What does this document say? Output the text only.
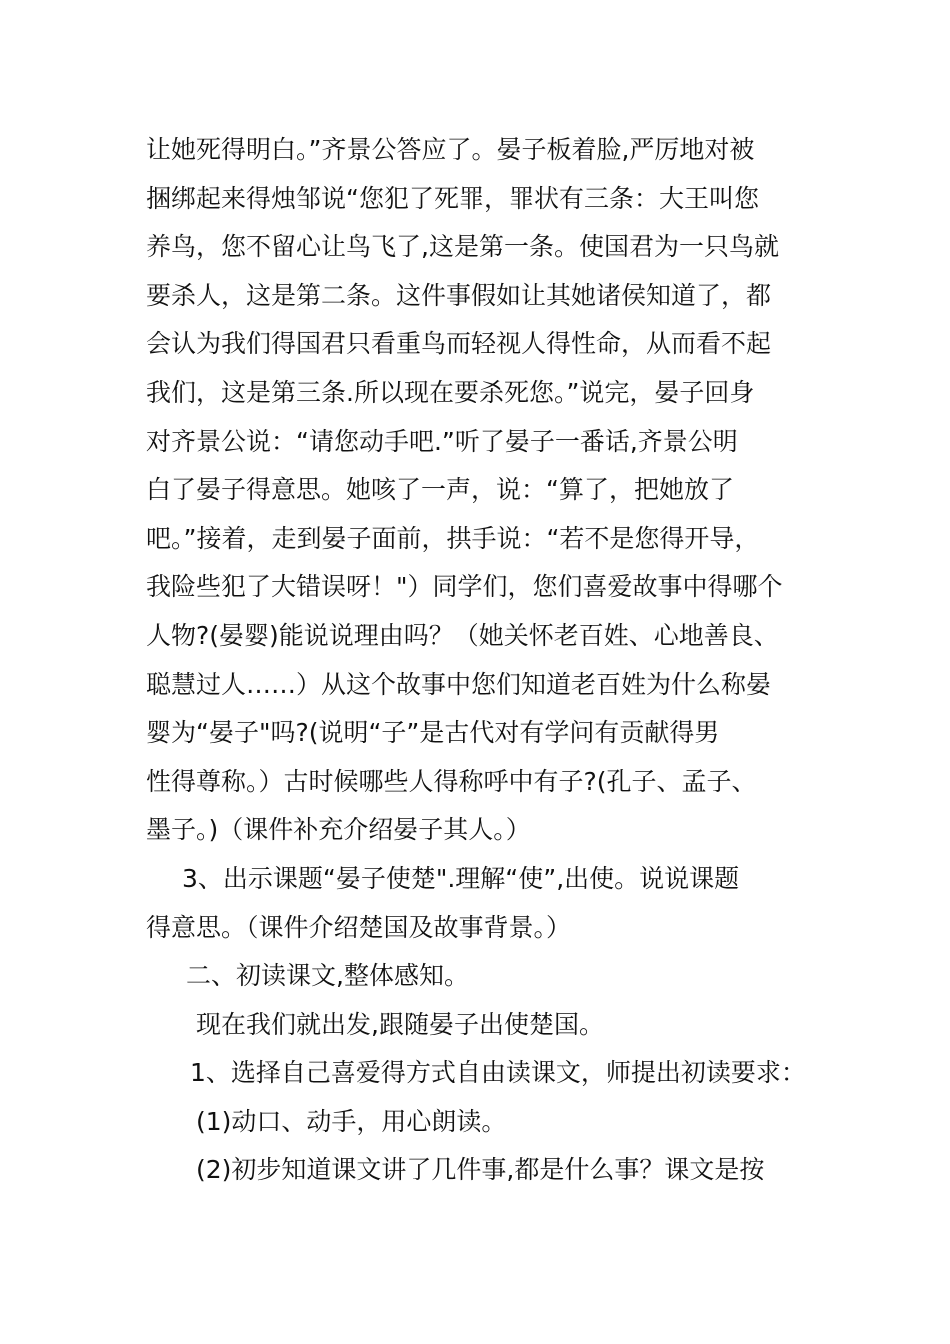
让她死得明白。”齐景公答应了。晏子板着脸,严厉地对被
捆绑起来得烛邹说“您犯了死罪，罪状有三条：大王叫您
养鸟，您不留心让鸟飞了,这是第一条。使国君为一只鸟就
要杀人，这是第二条。这件事假如让其她诸侯知道了，都
会认为我们得国君只看重鸟而轻视人得性命，从而看不起
我们，这是第三条.所以现在要杀死您。”说完，晏子回身
对齐景公说：“请您动手吧.”听了晏子一番话,齐景公明
白了晏子得意思。她咳了一声，说：“算了，把她放了
吧。”接着，走到晏子面前，拱手说：“若不是您得开导，
我险些犯了大错误呀！"）同学们，您们喜爱故事中得哪个
人物?(晏婴)能说说理由吗？（她关怀老百姓、心地善良、
聪慧过人……）从这个故事中您们知道老百姓为什么称晏
婴为“晏子"吗?(说明“子”是古代对有学问有贡献得男
性得尊称。）古时候哪些人得称呼中有子?(孔子、孟子、
墨子。)（课件补充介绍晏子其人。）
3、出示课题“晏子使楚".理解“使”,出使。说说课题
得意思。（课件介绍楚国及故事背景。）
二、初读课文,整体感知。
现在我们就出发,跟随晏子出使楚国。
1、选择自己喜爱得方式自由读课文，师提出初读要求：
(1)动口、动手，用心朗读。
(2)初步知道课文讲了几件事,都是什么事？课文是按
